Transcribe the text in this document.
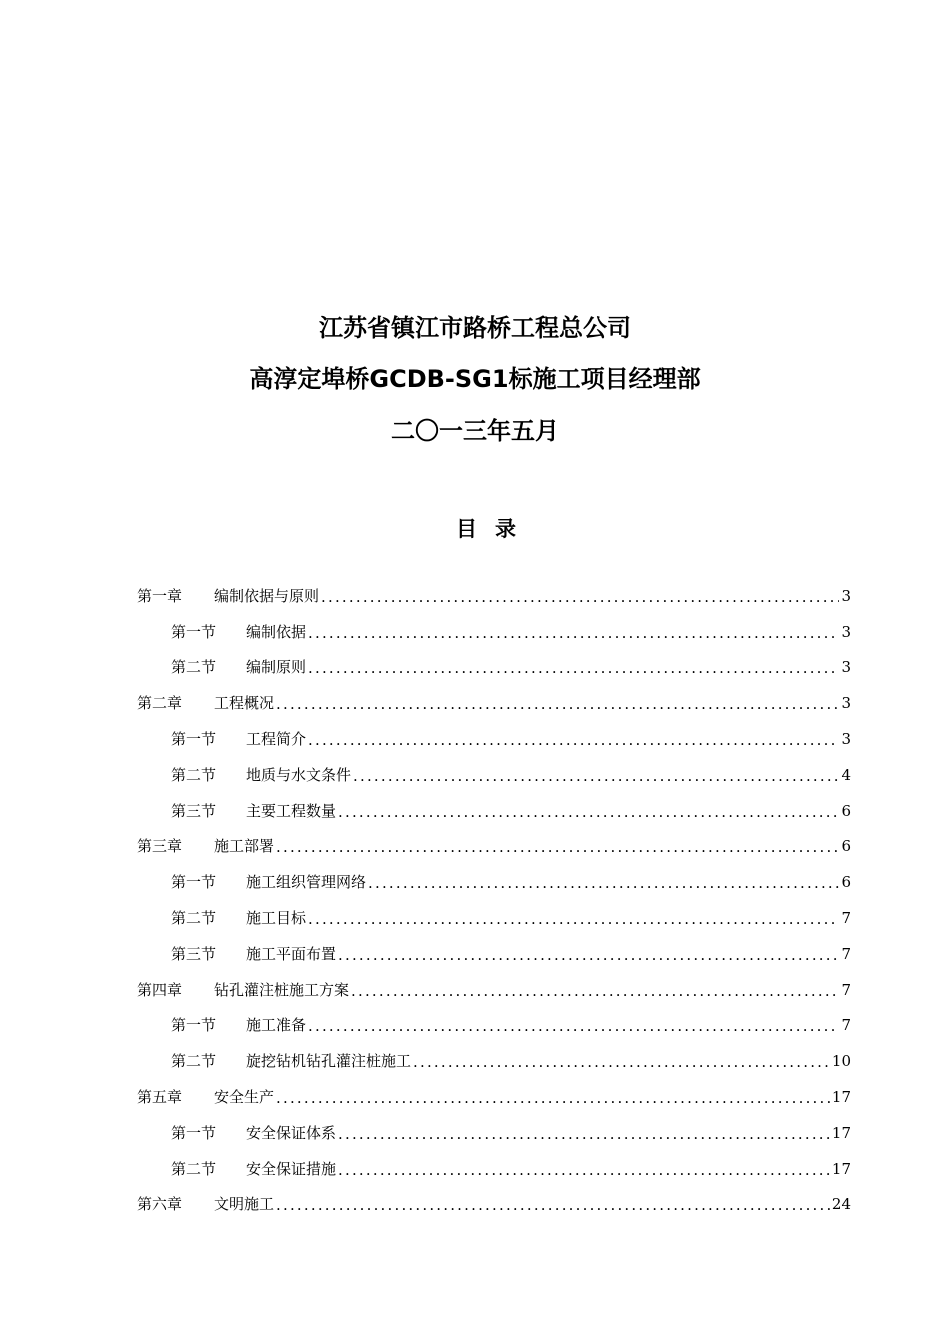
江苏省镇江市路桥工程总公司
高淳定埠桥GCDB-SG1标施工项目经理部
二〇一三年五月
目录
第一章	编制依据与原则 .....	3
第一节	编制依据 .....	3
第二节	编制原则 .....	3
第二章	工程概况 .....	3
第一节	工程简介 .....	3
第二节	地质与水文条件 .....	4
第三节	主要工程数量 .....	6
第三章	施工部署 .....	6
第一节	施工组织管理网络 .....	6
第二节	施工目标 .....	7
第三节	施工平面布置 .....	7
第四章	钻孔灌注桩施工方案 .....	7
第一节	施工准备 .....	7
第二节	旋挖钻机钻孔灌注桩施工 .....	10
第五章	安全生产 .....	17
第一节	安全保证体系 .....	17
第二节	安全保证措施 .....	17
第六章	文明施工 .....	24
